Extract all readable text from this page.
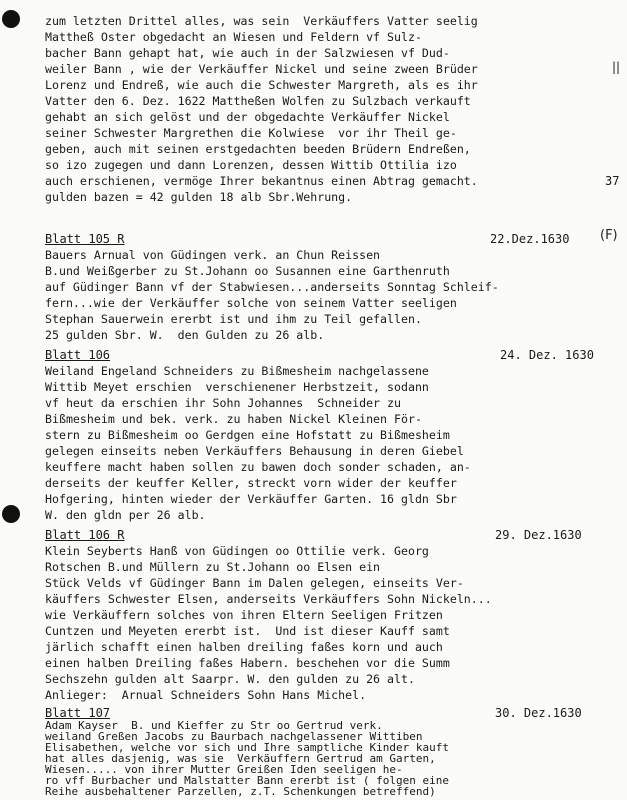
zum letzten Drittel alles, was sein  Verkäuffers Vatter seelig
Mattheß Oster obgedacht an Wiesen und Feldern vf Sulz-
bacher Bann gehapt hat, wie auch in der Salzwiesen vf Dud-
weiler Bann , wie der Verkäuffer Nickel und seine zween Brüder
Lorenz und Endreß, wie auch die Schwester Margreth, als es ihr
Vatter den 6. Dez. 1622 Mattheßen Wolfen zu Sulzbach verkauft
gehabt an sich gelöst und der obgedachte Verkäuffer Nickel
seiner Schwester Margrethen die Kolwiese  vor ihr Theil ge-
geben, auch mit seinen erstgedachten beeden Brüdern Endreßen,
so izo zugegen und dann Lorenzen, dessen Wittib Ottilia izo
auch erschienen, vermöge Ihrer bekantnus einen Abtrag gemacht.
gulden bazen = 42 gulden 18 alb Sbr.Wehrung.
37
Blatt 105 R	22.Dez.1630 (F)
Bauers Arnual von Güdingen verk. an Chun Reissen
B.und Weißgerber zu St.Johann oo Susannen eine Garthenruth
auf Güdinger Bann vf der Stabwiesen...anderseits Sonntag Schleif-
fern...wie der Verkäuffer solche von seinem Vatter seeligen
Stephan Sauerwein ererbt ist und ihm zu Teil gefallen.
25 gulden Sbr. W.  den Gulden zu 26 alb.
Blatt 106	24. Dez. 1630
Weiland Engeland Schneiders zu Bißmesheim nachgelassene
Wittib Meyet erschien  verschienener Herbstzeit, sodann
vf heut da erschien ihr Sohn Johannes  Schneider zu
Bißmesheim und bek. verk. zu haben Nickel Kleinen För-
stern zu Bißmesheim oo Gerdgen eine Hofstatt zu Bißmesheim
gelegen einseits neben Verkäuffers Behausung in deren Giebel
keuffere macht haben sollen zu bawen doch sonder schaden, an-
derseits der keuffer Keller, streckt vorn wider der keuffer
Hofgering, hinten wieder der Verkäuffer Garten. 16 gldn Sbr
W. den gldn per 26 alb.
Blatt 106 R	29. Dez.1630
Klein Seyberts Hanß von Güdingen oo Ottilie verk. Georg
Rotschen B.und Müllern zu St.Johann oo Elsen ein
Stück Velds vf Güdinger Bann im Dalen gelegen, einseits Ver-
käuffers Schwester Elsen, anderseits Verkäuffers Sohn Nickeln...
wie Verkäuffern solches von ihren Eltern Seeligen Fritzen
Cuntzen und Meyeten ererbt ist.  Und ist dieser Kauff samt
järlich schafft einen halben dreiling faßes korn und auch
einen halben Dreiling faßes Habern. beschehen vor die Summ
Sechszehn gulden alt Saarpr. W. den gulden zu 26 alt.
Anlieger:  Arnual Schneiders Sohn Hans Michel.
Blatt 107	30. Dez.1630
||
Adam Kayser  B. und Kieffer zu Str oo Gertrud verk.
weiland Greßen Jacobs zu Baurbach nachgelassener Wittiben
Elisabethen, welche vor sich und Ihre samptliche Kinder kauft
hat alles dasjenig, was sie  Verkäuffern Gertrud am Garten,
Wiesen..... von ihrer Mutter Greißen Iden seeligen he-
ro vff Burbacher und Malstatter Bann ererbt ist ( folgen eine
Reihe ausbehaltener Parzellen, z.T. Schenkungen betreffend)
